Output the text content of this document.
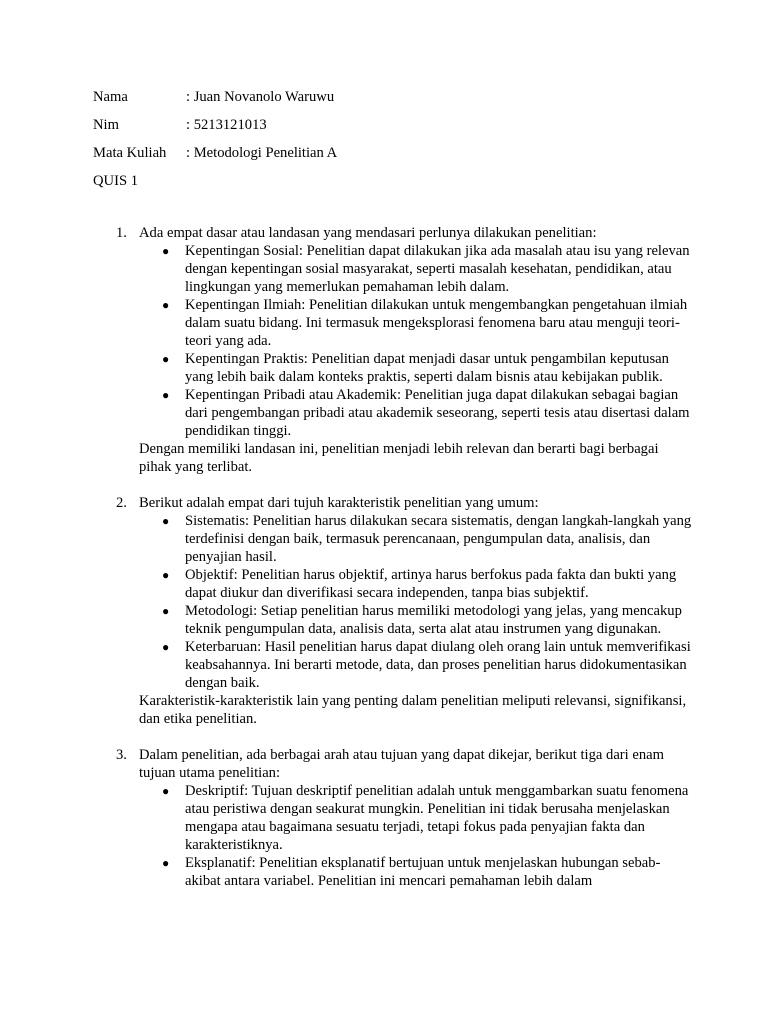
Nama	: Juan Novanolo Waruwu
Nim	: 5213121013
Mata Kuliah	: Metodologi Penelitian A
QUIS 1
1. Ada empat dasar atau landasan yang mendasari perlunya dilakukan penelitian:
● Kepentingan Sosial: Penelitian dapat dilakukan jika ada masalah atau isu yang relevan dengan kepentingan sosial masyarakat, seperti masalah kesehatan, pendidikan, atau lingkungan yang memerlukan pemahaman lebih dalam.
● Kepentingan Ilmiah: Penelitian dilakukan untuk mengembangkan pengetahuan ilmiah dalam suatu bidang. Ini termasuk mengeksplorasi fenomena baru atau menguji teori-teori yang ada.
● Kepentingan Praktis: Penelitian dapat menjadi dasar untuk pengambilan keputusan yang lebih baik dalam konteks praktis, seperti dalam bisnis atau kebijakan publik.
● Kepentingan Pribadi atau Akademik: Penelitian juga dapat dilakukan sebagai bagian dari pengembangan pribadi atau akademik seseorang, seperti tesis atau disertasi dalam pendidikan tinggi.
Dengan memiliki landasan ini, penelitian menjadi lebih relevan dan berarti bagi berbagai pihak yang terlibat.
2. Berikut adalah empat dari tujuh karakteristik penelitian yang umum:
● Sistematis: Penelitian harus dilakukan secara sistematis, dengan langkah-langkah yang terdefinisi dengan baik, termasuk perencanaan, pengumpulan data, analisis, dan penyajian hasil.
● Objektif: Penelitian harus objektif, artinya harus berfokus pada fakta dan bukti yang dapat diukur dan diverifikasi secara independen, tanpa bias subjektif.
● Metodologi: Setiap penelitian harus memiliki metodologi yang jelas, yang mencakup teknik pengumpulan data, analisis data, serta alat atau instrumen yang digunakan.
● Keterbaruan: Hasil penelitian harus dapat diulang oleh orang lain untuk memverifikasi keabsahannya. Ini berarti metode, data, dan proses penelitian harus didokumentasikan dengan baik.
Karakteristik-karakteristik lain yang penting dalam penelitian meliputi relevansi, signifikansi, dan etika penelitian.
3. Dalam penelitian, ada berbagai arah atau tujuan yang dapat dikejar, berikut tiga dari enam tujuan utama penelitian:
● Deskriptif: Tujuan deskriptif penelitian adalah untuk menggambarkan suatu fenomena atau peristiwa dengan seakurat mungkin. Penelitian ini tidak berusaha menjelaskan mengapa atau bagaimana sesuatu terjadi, tetapi fokus pada penyajian fakta dan karakteristiknya.
● Eksplanatif: Penelitian eksplanatif bertujuan untuk menjelaskan hubungan sebab-akibat antara variabel. Penelitian ini mencari pemahaman lebih dalam
